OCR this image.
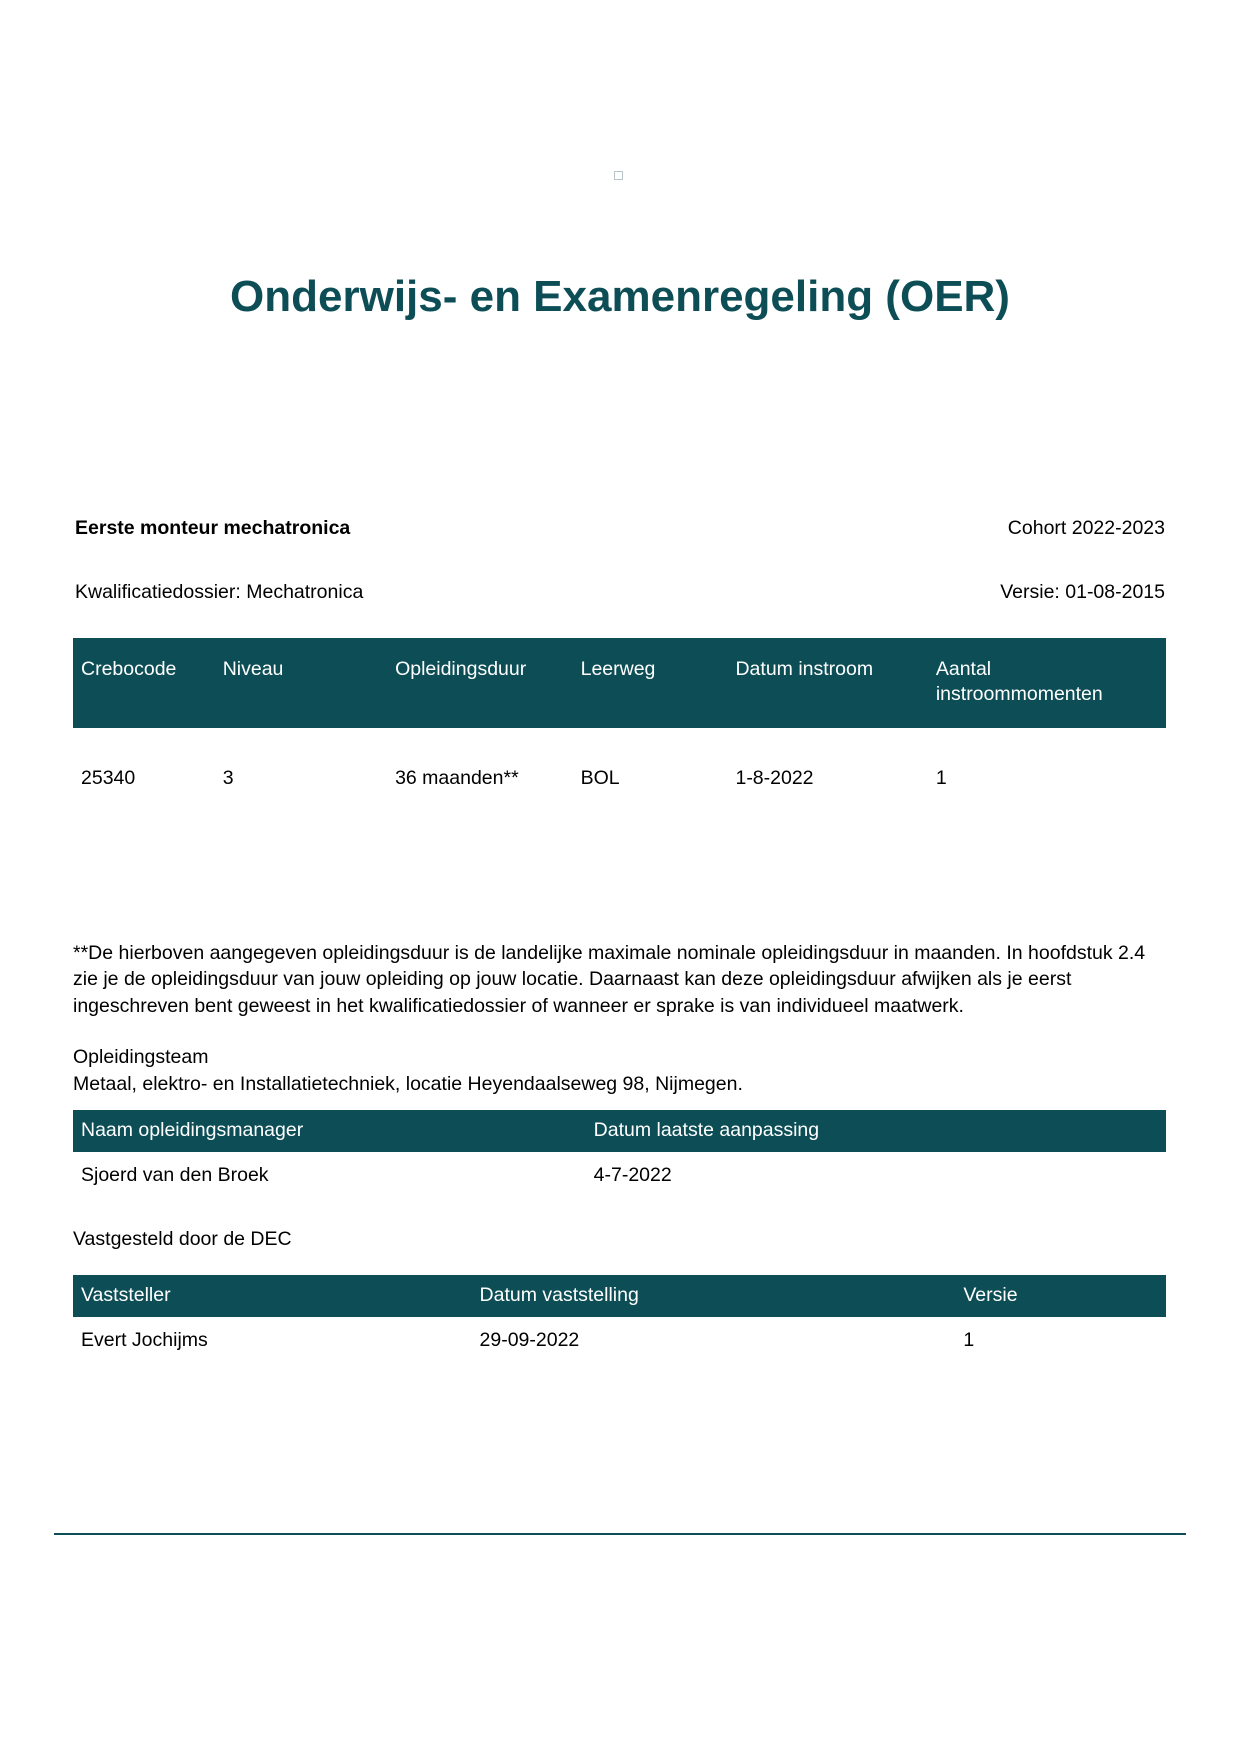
Onderwijs- en Examenregeling (OER)
Eerste monteur mechatronica	Cohort 2022-2023
Kwalificatiedossier: Mechatronica	Versie: 01-08-2015
Crebocode	Niveau	Opleidingsduur	Leerweg	Datum instroom	Aantal instroommomenten
25340	3	36 maanden**	BOL	1-8-2022	1

**De hierboven aangegeven opleidingsduur is de landelijke maximale nominale opleidingsduur in maanden. In hoofdstuk 2.4 zie je de opleidingsduur van jouw opleiding op jouw locatie. Daarnaast kan deze opleidingsduur afwijken als je eerst ingeschreven bent geweest in het kwalificatiedossier of wanneer er sprake is van individueel maatwerk.

Opleidingsteam
Metaal, elektro- en Installatietechniek, locatie Heyendaalseweg 98, Nijmegen.
Naam opleidingsmanager	Datum laatste aanpassing
Sjoerd van den Broek	4-7-2022
Vastgesteld door de DEC
Vaststeller	Datum vaststelling	Versie
Evert Jochijms	29-09-2022	1
